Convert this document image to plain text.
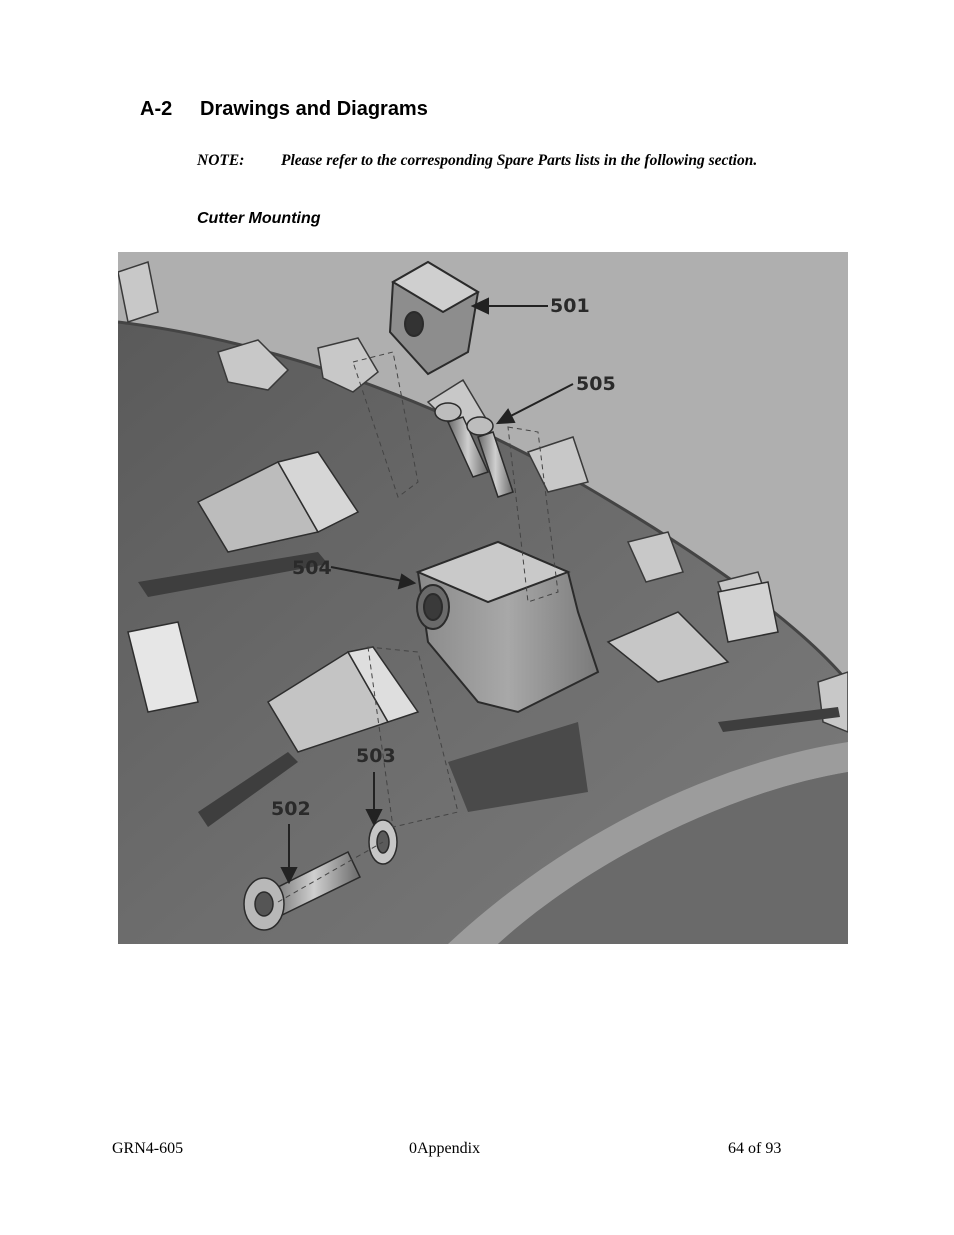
A-2 Drawings and Diagrams
NOTE: Please refer to the corresponding Spare Parts lists in the following section.
Cutter Mounting
501
505
504
503
502
GRN4-605	0Appendix	64 of 93
